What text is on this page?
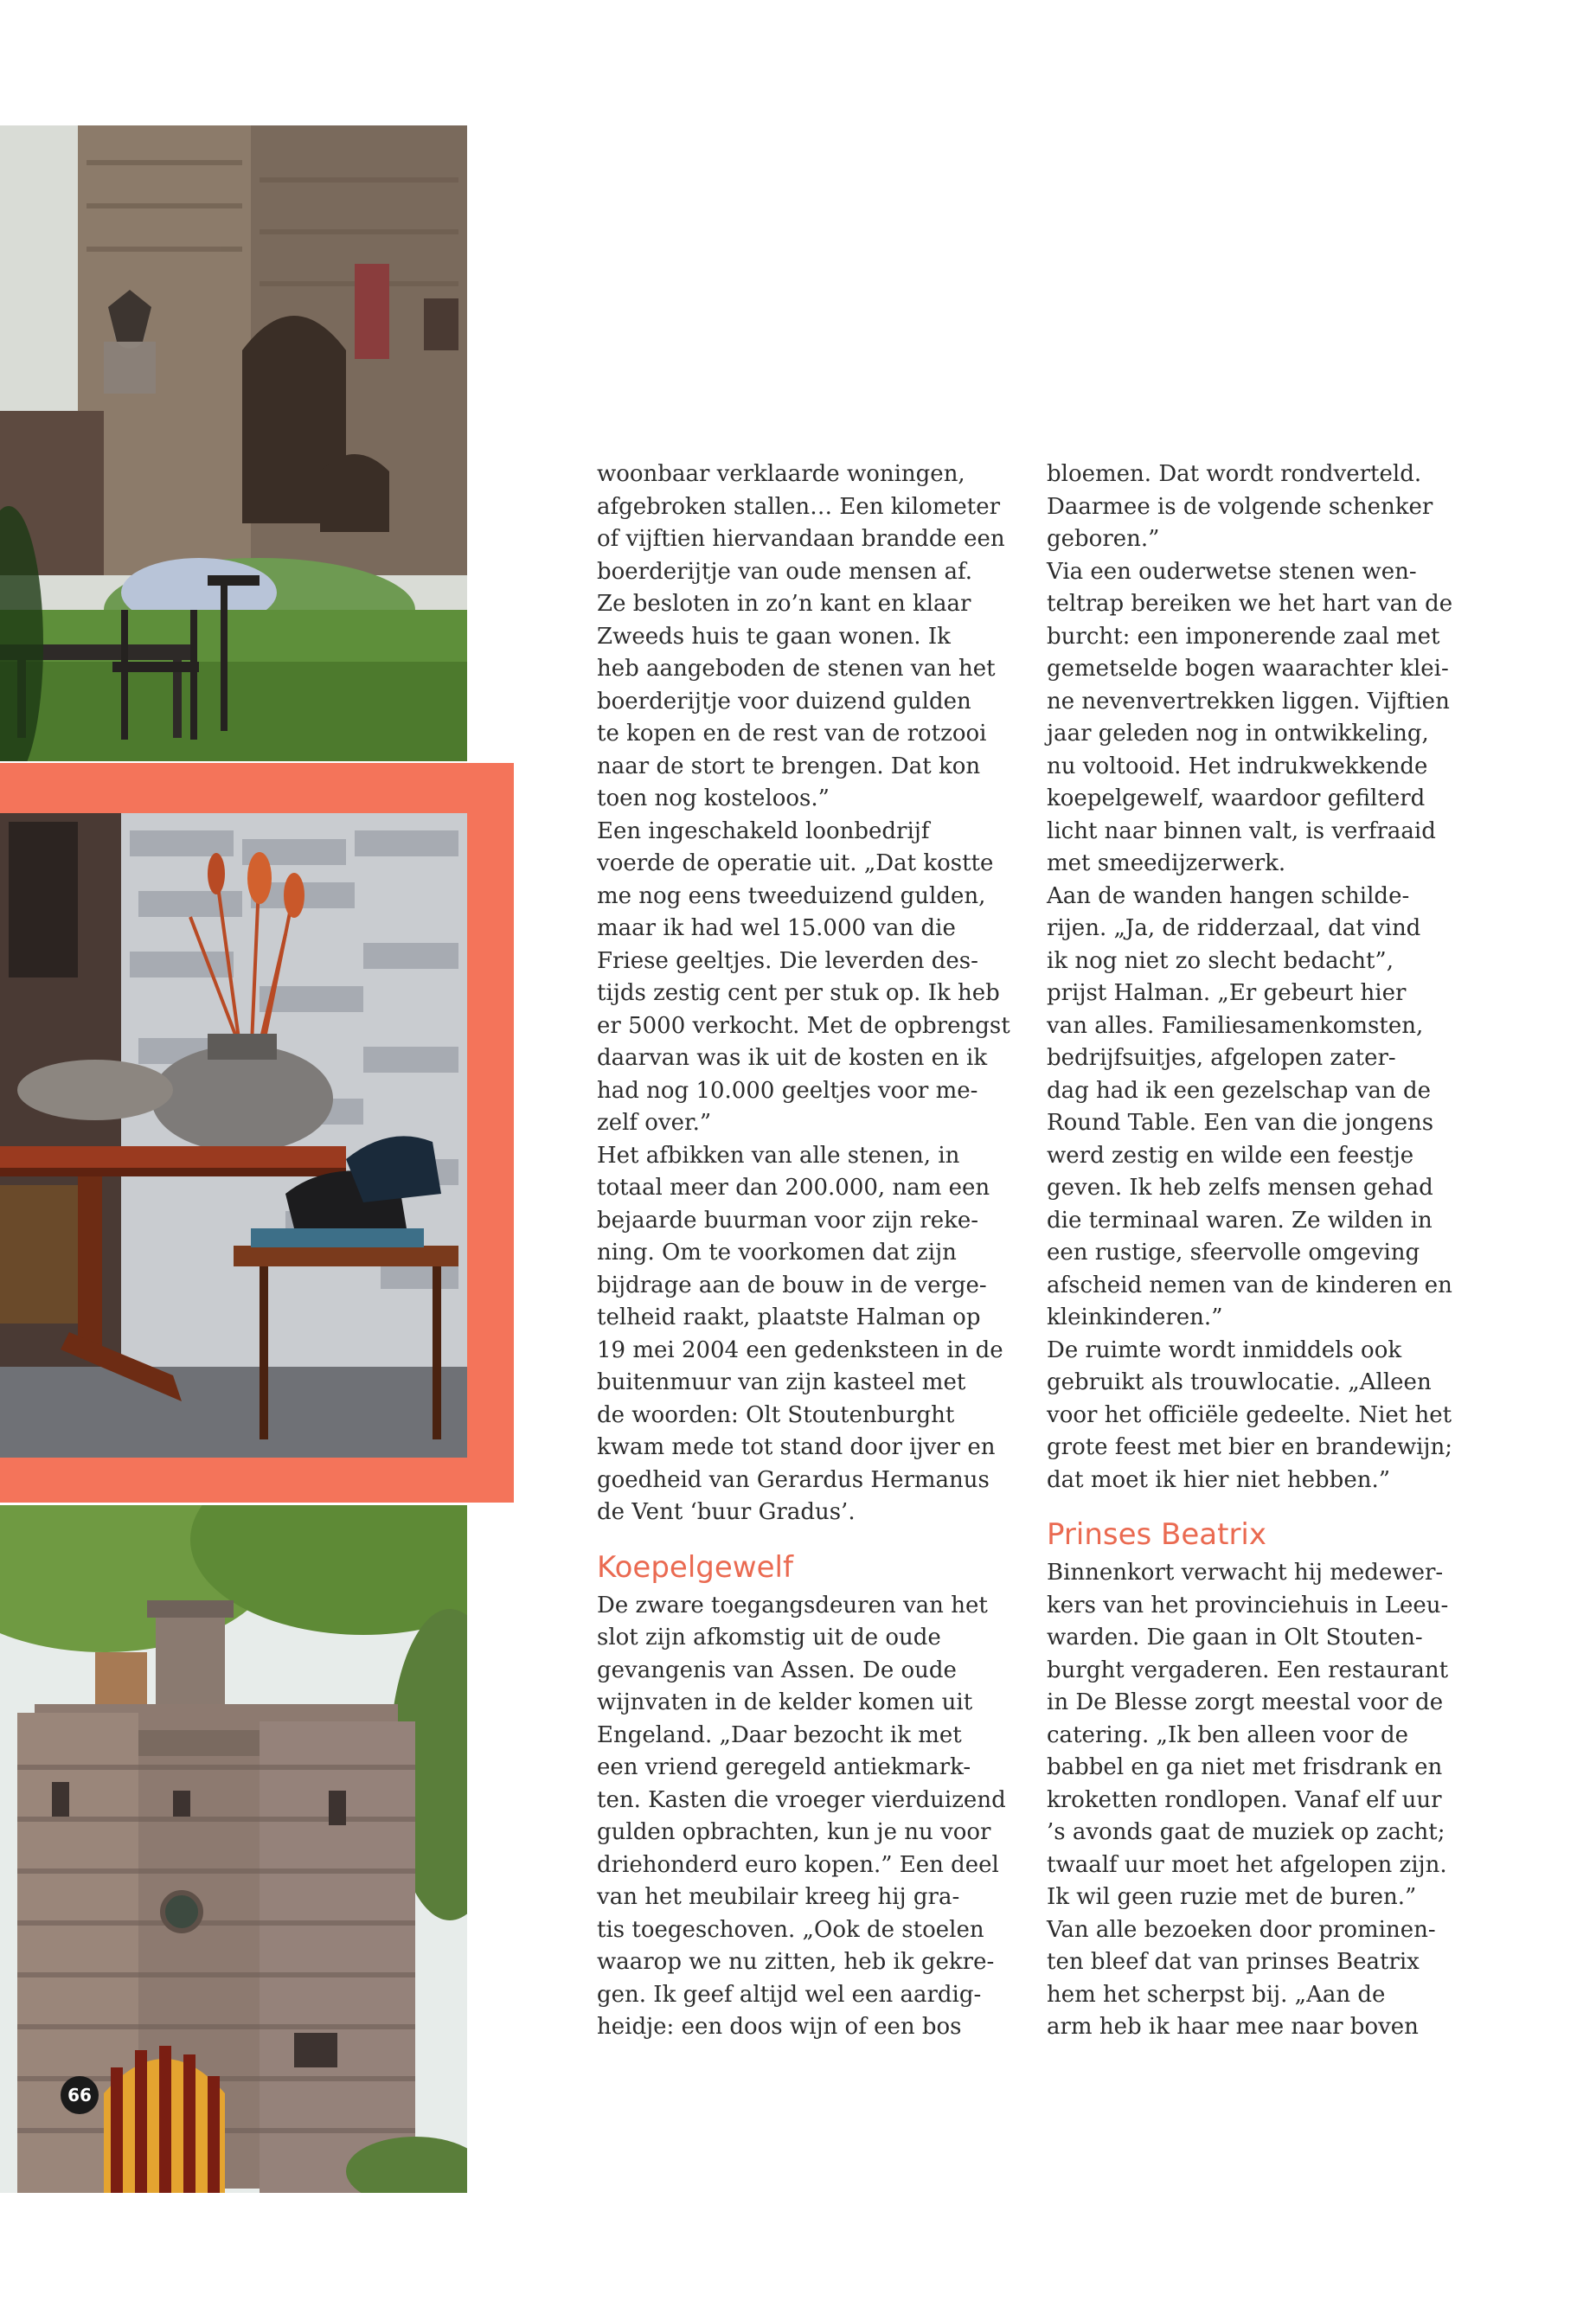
66

woonbaar verklaarde woningen,
afgebroken stallen… Een kilometer
of vijftien hiervandaan brandde een
boerderijtje van oude mensen af.
Ze besloten in zo’n kant en klaar
Zweeds huis te gaan wonen. Ik
heb aangeboden de stenen van het
boerderijtje voor duizend gulden
te kopen en de rest van de rotzooi
naar de stort te brengen. Dat kon
toen nog kosteloos.”

Een ingeschakeld loonbedrijf
voerde de operatie uit. „Dat kostte
me nog eens tweeduizend gulden,
maar ik had wel 15.000 van die
Friese geeltjes. Die leverden des-
tijds zestig cent per stuk op. Ik heb
er 5000 verkocht. Met de opbrengst
daarvan was ik uit de kosten en ik
had nog 10.000 geeltjes voor me-
zelf over.”

Het afbikken van alle stenen, in
totaal meer dan 200.000, nam een
bejaarde buurman voor zijn reke-
ning. Om te voorkomen dat zijn
bijdrage aan de bouw in de verge-
telheid raakt, plaatste Halman op
19 mei 2004 een gedenksteen in de
buitenmuur van zijn kasteel met
de woorden: Olt Stoutenburght
kwam mede tot stand door ijver en
goedheid van Gerardus Hermanus
de Vent ‘buur Gradus’.

Koepelgewelf

De zware toegangsdeuren van het
slot zijn afkomstig uit de oude
gevangenis van Assen. De oude
wijnvaten in de kelder komen uit
Engeland. „Daar bezocht ik met
een vriend geregeld antiekmark-
ten. Kasten die vroeger vierduizend
gulden opbrachten, kun je nu voor
driehonderd euro kopen.” Een deel
van het meubilair kreeg hij gra-
tis toegeschoven. „Ook de stoelen
waarop we nu zitten, heb ik gekre-
gen. Ik geef altijd wel een aardig-
heidje: een doos wijn of een bos

bloemen. Dat wordt rondverteld.
Daarmee is de volgende schenker
geboren.”

Via een ouderwetse stenen wen-
teltrap bereiken we het hart van de
burcht: een imponerende zaal met
gemetselde bogen waarachter klei-
ne nevenvertrekken liggen. Vijftien
jaar geleden nog in ontwikkeling,
nu voltooid. Het indrukwekkende
koepelgewelf, waardoor gefilterd
licht naar binnen valt, is verfraaid
met smeedijzerwerk.

Aan de wanden hangen schilde-
rijen. „Ja, de ridderzaal, dat vind
ik nog niet zo slecht bedacht”,
prijst Halman. „Er gebeurt hier
van alles. Familiesamenkomsten,
bedrijfsuitjes, afgelopen zater-
dag had ik een gezelschap van de
Round Table. Een van die jongens
werd zestig en wilde een feestje
geven. Ik heb zelfs mensen gehad
die terminaal waren. Ze wilden in
een rustige, sfeervolle omgeving
afscheid nemen van de kinderen en
kleinkinderen.”

De ruimte wordt inmiddels ook
gebruikt als trouwlocatie. „Alleen
voor het officiële gedeelte. Niet het
grote feest met bier en brandewijn;
dat moet ik hier niet hebben.”

Prinses Beatrix

Binnenkort verwacht hij medewer-
kers van het provinciehuis in Leeu-
warden. Die gaan in Olt Stouten-
burght vergaderen. Een restaurant
in De Blesse zorgt meestal voor de
catering. „Ik ben alleen voor de
babbel en ga niet met frisdrank en
kroketten rondlopen. Vanaf elf uur
’s avonds gaat de muziek op zacht;
twaalf uur moet het afgelopen zijn.
Ik wil geen ruzie met de buren.”

Van alle bezoeken door prominen-
ten bleef dat van prinses Beatrix
hem het scherpst bij. „Aan de
arm heb ik haar mee naar boven
